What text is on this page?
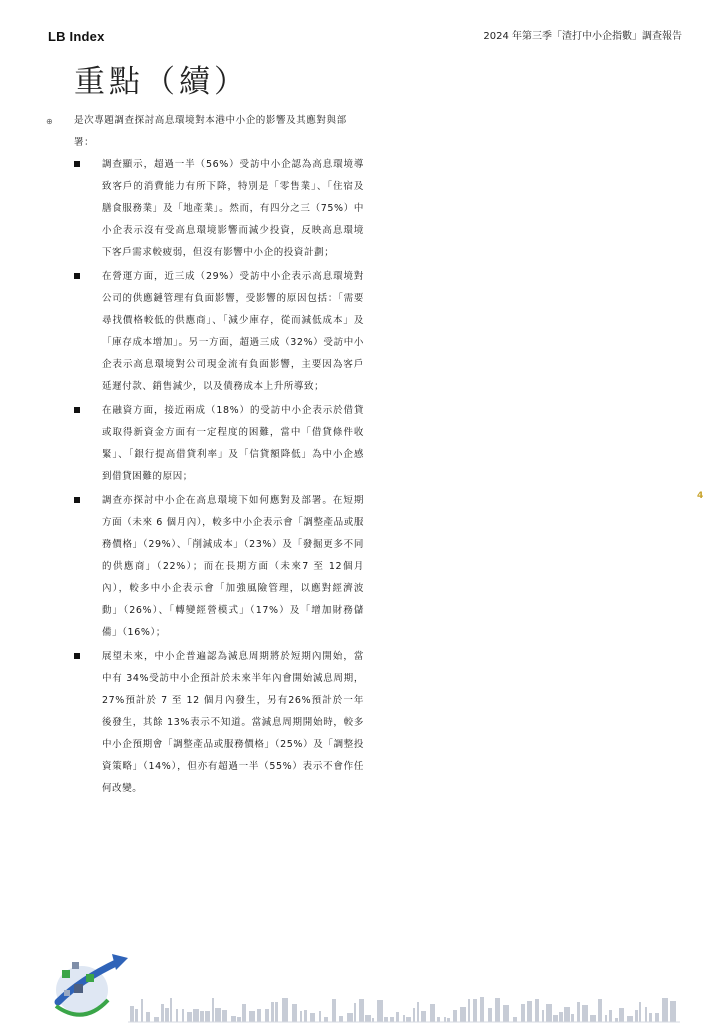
LB Index	2024 年第三季「渣打中小企指數」調查報告
重點（續）
⊕ 是次專題調查探討高息環境對本港中小企的影響及其應對與部署：

調查顯示，超過一半（56%）受訪中小企認為高息環境導致客戶的消費能力有所下降，特別是「零售業」、「住宿及膳食服務業」及「地產業」。然而，有四分之三（75%）中小企表示沒有受高息環境影響而減少投資，反映高息環境下客戶需求較疲弱，但沒有影響中小企的投資計劃；
在營運方面，近三成（29%）受訪中小企表示高息環境對公司的供應鏈管理有負面影響，受影響的原因包括：「需要尋找價格較低的供應商」、「減少庫存，從而減低成本」及「庫存成本增加」。另一方面，超過三成（32%）受訪中小企表示高息環境對公司現金流有負面影響，主要因為客戶延遲付款、銷售減少，以及債務成本上升所導致；
在融資方面，接近兩成（18%）的受訪中小企表示於借貸或取得新資金方面有一定程度的困難，當中「借貸條件收緊」、「銀行提高借貸利率」及「信貸額降低」為中小企感到借貸困難的原因；
調查亦探討中小企在高息環境下如何應對及部署。在短期方面（未來 6 個月內），較多中小企表示會「調整產品或服務價格」（29%）、「削減成本」（23%）及「發掘更多不同的供應商」（22%）；而在長期方面（未來7 至 12個月內），較多中小企表示會「加強風險管理，以應對經濟波動」（26%）、「轉變經營模式」（17%）及「增加財務儲備」（16%）；
展望未來，中小企普遍認為減息周期將於短期內開始，當中有 34%受訪中小企預計於未來半年內會開始減息周期，27%預計於 7 至 12 個月內發生，另有26%預計於一年後發生，其餘 13%表示不知道。當減息周期開始時，較多中小企預期會「調整產品或服務價格」（25%）及「調整投資策略」（14%），但亦有超過一半（55%）表示不會作任何改變。
4
